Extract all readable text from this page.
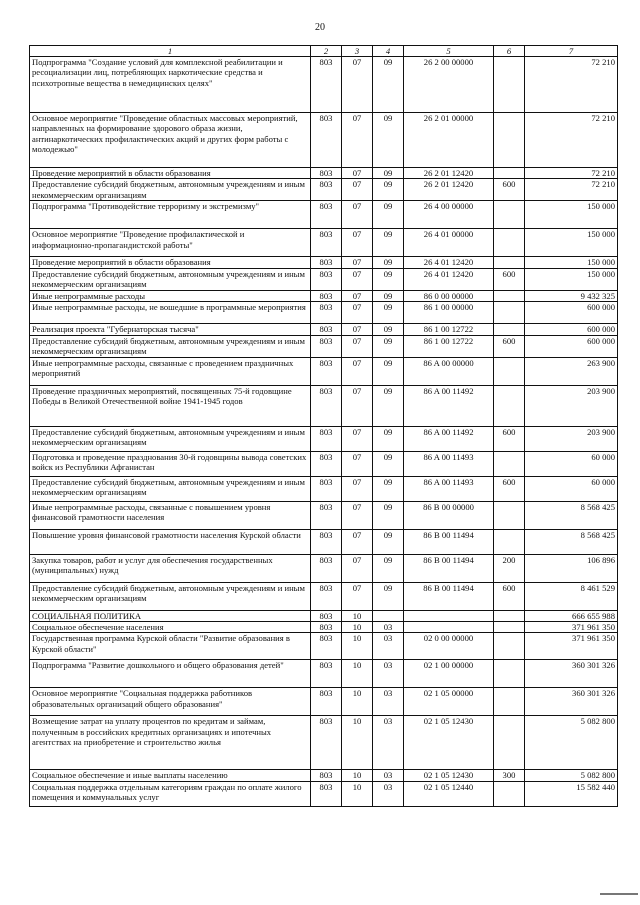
20
1	2	3	4	5	6	7
Подпрограмма "Создание условий для комплексной реабилитации и ресоциализации лиц, потребляющих наркотические средства и психотропные вещества в немедицинских целях"	803	07	09	26 2 00 00000		72 210
Основное мероприятие "Проведение областных массовых мероприятий, направленных на формирование здорового образа жизни, антинаркотических профилактических акций и других форм работы с молодежью"	803	07	09	26 2 01 00000		72 210
Проведение мероприятий в области образования	803	07	09	26 2 01 12420		72 210
Предоставление субсидий бюджетным, автономным учреждениям и иным некоммерческим организациям	803	07	09	26 2 01 12420	600	72 210
Подпрограмма "Противодействие терроризму и экстремизму"	803	07	09	26 4 00 00000		150 000
Основное мероприятие "Проведение профилактической и информационно-пропагандистской работы"	803	07	09	26 4 01 00000		150 000
Проведение мероприятий в области образования	803	07	09	26 4 01 12420		150 000
Предоставление субсидий бюджетным, автономным учреждениям и иным некоммерческим организациям	803	07	09	26 4 01 12420	600	150 000
Иные непрограммные расходы	803	07	09	86 0 00 00000		9 432 325
Иные непрограммные расходы, не вошедшие в программные мероприятия	803	07	09	86 1 00 00000		600 000
Реализация проекта "Губернаторская тысяча"	803	07	09	86 1 00 12722		600 000
Предоставление субсидий бюджетным, автономным учреждениям и иным некоммерческим организациям	803	07	09	86 1 00 12722	600	600 000
Иные непрограммные расходы, связанные с проведением праздничных мероприятий	803	07	09	86 A 00 00000		263 900
Проведение праздничных мероприятий, посвященных 75-й годовщине Победы в Великой Отечественной войне 1941-1945 годов	803	07	09	86 A 00 11492		203 900
Предоставление субсидий бюджетным, автономным учреждениям и иным некоммерческим организациям	803	07	09	86 A 00 11492	600	203 900
Подготовка и проведение празднования 30-й годовщины вывода советских войск из Республики Афганистан	803	07	09	86 A 00 11493		60 000
Предоставление субсидий бюджетным, автономным учреждениям и иным некоммерческим организациям	803	07	09	86 A 00 11493	600	60 000
Иные непрограммные расходы, связанные с повышением уровня финансовой грамотности населения	803	07	09	86 B 00 00000		8 568 425
Повышение уровня финансовой грамотности населения Курской области	803	07	09	86 B 00 11494		8 568 425
Закупка товаров, работ и услуг для обеспечения государственных (муниципальных) нужд	803	07	09	86 B 00 11494	200	106 896
Предоставление субсидий бюджетным, автономным учреждениям и иным некоммерческим организациям	803	07	09	86 B 00 11494	600	8 461 529
СОЦИАЛЬНАЯ ПОЛИТИКА	803	10				666 655 988
Социальное обеспечение населения	803	10	03			371 961 350
Государственная программа Курской области "Развитие образования в Курской области"	803	10	03	02 0 00 00000		371 961 350
Подпрограмма "Развитие дошкольного и общего образования детей"	803	10	03	02 1 00 00000		360 301 326
Основное мероприятие "Социальная поддержка работников образовательных организаций общего образования"	803	10	03	02 1 05 00000		360 301 326
Возмещение затрат на уплату процентов по кредитам и займам, полученным в российских кредитных организациях и ипотечных агентствах на приобретение и строительство жилья	803	10	03	02 1 05 12430		5 082 800
Социальное обеспечение и иные выплаты населению	803	10	03	02 1 05 12430	300	5 082 800
Социальная поддержка отдельным категориям граждан по оплате жилого помещения и коммунальных услуг	803	10	03	02 1 05 12440		15 582 440
